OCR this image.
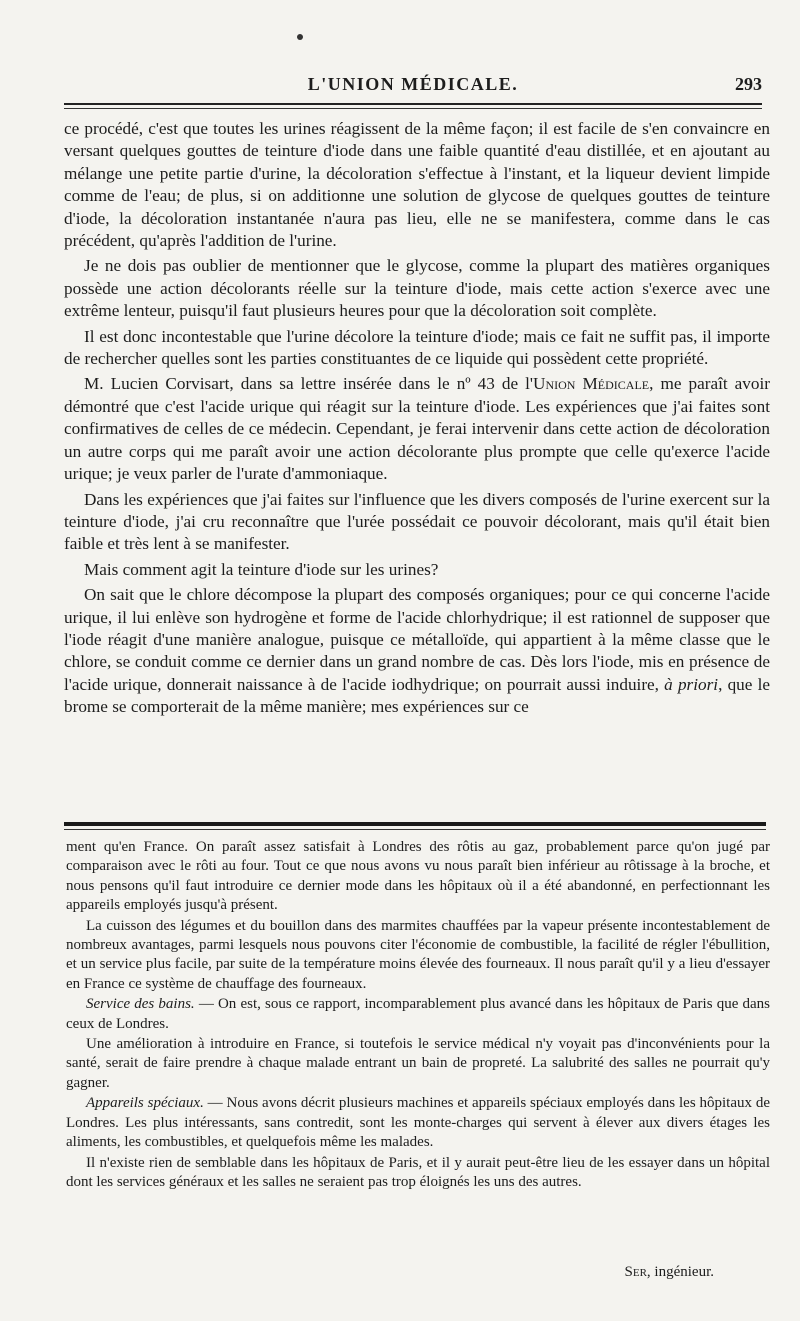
L'UNION MÉDICALE.	293

ce procédé, c'est que toutes les urines réagissent de la même façon; il est facile de s'en convaincre en versant quelques gouttes de teinture d'iode dans une faible quantité d'eau distillée, et en ajoutant au mélange une petite partie d'urine, la décoloration s'effectue à l'instant, et la liqueur devient limpide comme de l'eau; de plus, si on additionne une solution de glycose de quelques gouttes de teinture d'iode, la décoloration instantanée n'aura pas lieu, elle ne se manifestera, comme dans le cas précédent, qu'après l'addition de l'urine.

Je ne dois pas oublier de mentionner que le glycose, comme la plupart des matières organiques possède une action décolorants réelle sur la teinture d'iode, mais cette action s'exerce avec une extrême lenteur, puisqu'il faut plusieurs heures pour que la décoloration soit complète.

Il est donc incontestable que l'urine décolore la teinture d'iode; mais ce fait ne suffit pas, il importe de rechercher quelles sont les parties constituantes de ce liquide qui possèdent cette propriété.

M. Lucien Corvisart, dans sa lettre insérée dans le nº 43 de l'Union Médicale, me paraît avoir démontré que c'est l'acide urique qui réagit sur la teinture d'iode. Les expériences que j'ai faites sont confirmatives de celles de ce médecin. Cependant, je ferai intervenir dans cette action de décoloration un autre corps qui me paraît avoir une action décolorante plus prompte que celle qu'exerce l'acide urique; je veux parler de l'urate d'ammoniaque.

Dans les expériences que j'ai faites sur l'influence que les divers composés de l'urine exercent sur la teinture d'iode, j'ai cru reconnaître que l'urée possédait ce pouvoir décolorant, mais qu'il était bien faible et très lent à se manifester.

Mais comment agit la teinture d'iode sur les urines?

On sait que le chlore décompose la plupart des composés organiques; pour ce qui concerne l'acide urique, il lui enlève son hydrogène et forme de l'acide chlorhydrique; il est rationnel de supposer que l'iode réagit d'une manière analogue, puisque ce métalloïde, qui appartient à la même classe que le chlore, se conduit comme ce dernier dans un grand nombre de cas. Dès lors l'iode, mis en présence de l'acide urique, donnerait naissance à de l'acide iodhydrique; on pourrait aussi induire, à priori, que le brome se comporterait de la même manière; mes expériences sur ce

ment qu'en France. On paraît assez satisfait à Londres des rôtis au gaz, probablement parce qu'on jugé par comparaison avec le rôti au four. Tout ce que nous avons vu nous paraît bien inférieur au rôtissage à la broche, et nous pensons qu'il faut introduire ce dernier mode dans les hôpitaux où il a été abandonné, en perfectionnant les appareils employés jusqu'à présent.

La cuisson des légumes et du bouillon dans des marmites chauffées par la vapeur présente incontestablement de nombreux avantages, parmi lesquels nous pouvons citer l'économie de combustible, la facilité de régler l'ébullition, et un service plus facile, par suite de la température moins élevée des fourneaux. Il nous paraît qu'il y a lieu d'essayer en France ce système de chauffage des fourneaux.

Service des bains. — On est, sous ce rapport, incomparablement plus avancé dans les hôpitaux de Paris que dans ceux de Londres.

Une amélioration à introduire en France, si toutefois le service médical n'y voyait pas d'inconvénients pour la santé, serait de faire prendre à chaque malade entrant un bain de propreté. La salubrité des salles ne pourrait qu'y gagner.

Appareils spéciaux. — Nous avons décrit plusieurs machines et appareils spéciaux employés dans les hôpitaux de Londres. Les plus intéressants, sans contredit, sont les monte-charges qui servent à élever aux divers étages les aliments, les combustibles, et quelquefois même les malades.

Il n'existe rien de semblable dans les hôpitaux de Paris, et il y aurait peut-être lieu de les essayer dans un hôpital dont les services généraux et les salles ne seraient pas trop éloignés les uns des autres.

Ser, ingénieur.
